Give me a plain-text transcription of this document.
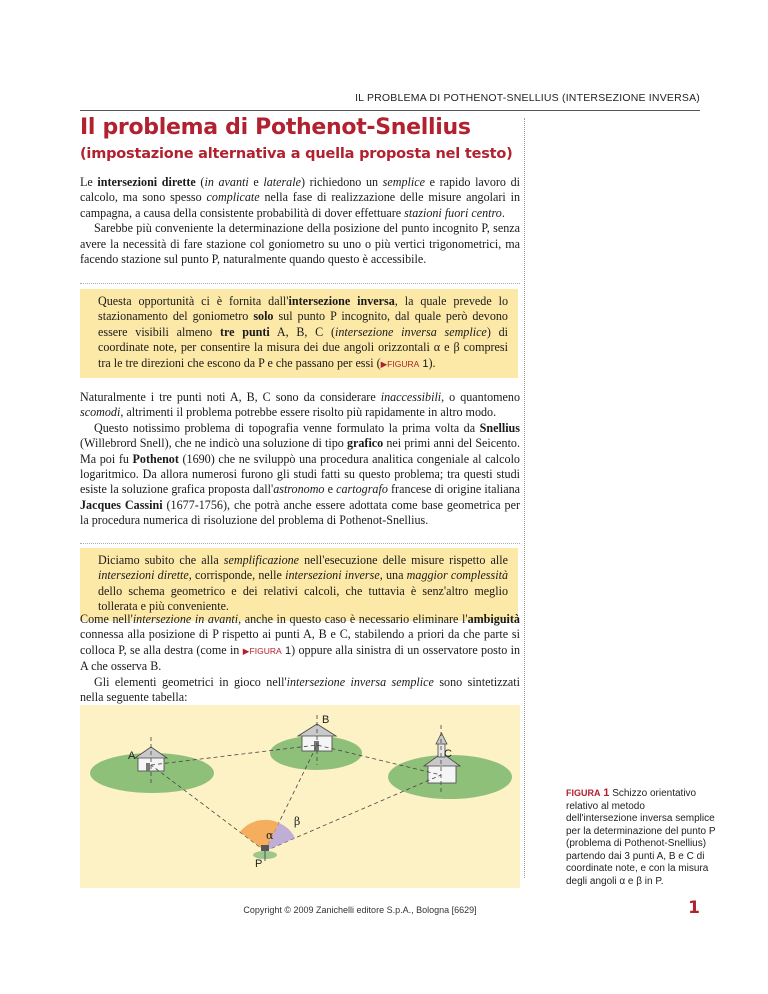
IL PROBLEMA DI POTHENOT-SNELLIUS (INTERSEZIONE INVERSA)
Il problema di Pothenot-Snellius
(impostazione alternativa a quella proposta nel testo)

Le intersezioni dirette (in avanti e laterale) richiedono un semplice e rapido lavoro di calcolo, ma sono spesso complicate nella fase di realizzazione delle misure angolari in campagna, a causa della consistente probabilità di dover effettuare stazioni fuori centro.

Sarebbe più conveniente la determinazione della posizione del punto incognito P, senza avere la necessità di fare stazione col goniometro su uno o più vertici trigonometrici, ma facendo stazione sul punto P, naturalmente quando questo è accessibile.

Questa opportunità ci è fornita dall'intersezione inversa, la quale prevede lo stazionamento del goniometro solo sul punto P incognito, dal quale però devono essere visibili almeno tre punti A, B, C (intersezione inversa semplice) di coordinate note, per consentire la misura dei due angoli orizzontali α e β compresi tra le tre direzioni che escono da P e che passano per essi (▶FIGURA 1).

Naturalmente i tre punti noti A, B, C sono da considerare inaccessibili, o quantomeno scomodi, altrimenti il problema potrebbe essere risolto più rapidamente in altro modo.

Questo notissimo problema di topografia venne formulato la prima volta da Snellius (Willebrord Snell), che ne indicò una soluzione di tipo grafico nei primi anni del Seicento. Ma poi fu Pothenot (1690) che ne sviluppò una procedura analitica congeniale al calcolo logaritmico. Da allora numerosi furono gli studi fatti su questo problema; tra questi studi esiste la soluzione grafica proposta dall'astronomo e cartografo francese di origine italiana Jacques Cassini (1677-1756), che potrà anche essere adottata come base geometrica per la procedura numerica di risoluzione del problema di Pothenot-Snellius.

Diciamo subito che alla semplificazione nell'esecuzione delle misure rispetto alle intersezioni dirette, corrisponde, nelle intersezioni inverse, una maggior complessità dello schema geometrico e dei relativi calcoli, che tuttavia è senz'altro meglio tollerata e più conveniente.

Come nell'intersezione in avanti, anche in questo caso è necessario eliminare l'ambiguità connessa alla posizione di P rispetto ai punti A, B e C, stabilendo a priori da che parte si colloca P, se alla destra (come in ▶FIGURA 1) oppure alla sinistra di un osservatore posto in A che osserva B.

Gli elementi geometrici in gioco nell'intersezione inversa semplice sono sintetizzati nella seguente tabella:

A
B
C
P
α
β
FIGURA 1 Schizzo orientativo relativo al metodo dell'intersezione inversa semplice per la determinazione del punto P (problema di Pothenot-Snellius) partendo dai 3 punti A, B e C di coordinate note, e con la misura degli angoli α e β in P.
Copyright © 2009 Zanichelli editore S.p.A., Bologna [6629]	1
